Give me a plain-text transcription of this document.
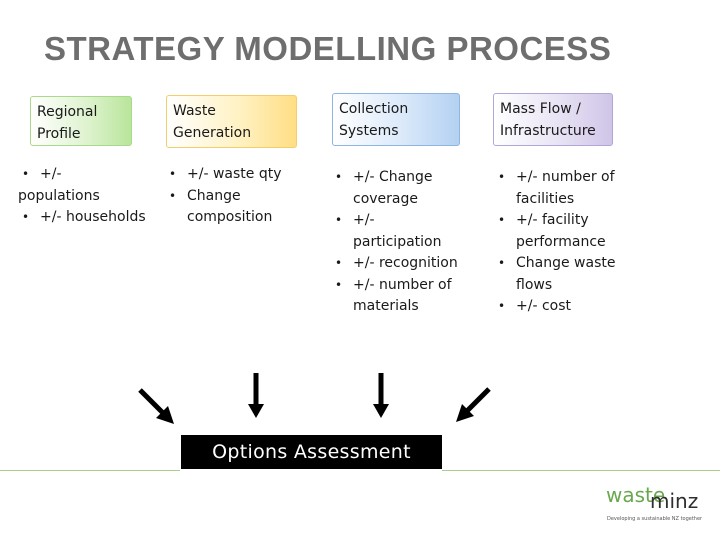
STRATEGY MODELLING PROCESS
Regional
Profile
• +/-
populations
• +/- households
Waste
Generation
• +/- waste qty
• Change
composition
Collection
Systems
• +/- Change
coverage
• +/-
participation
• +/- recognition
• +/- number of
materials
Mass Flow /
Infrastructure
• +/- number of
facilities
• +/- facility
performance
• Change waste
flows
• +/- cost
Options Assessment
waste
minz
Developing a sustainable NZ together
